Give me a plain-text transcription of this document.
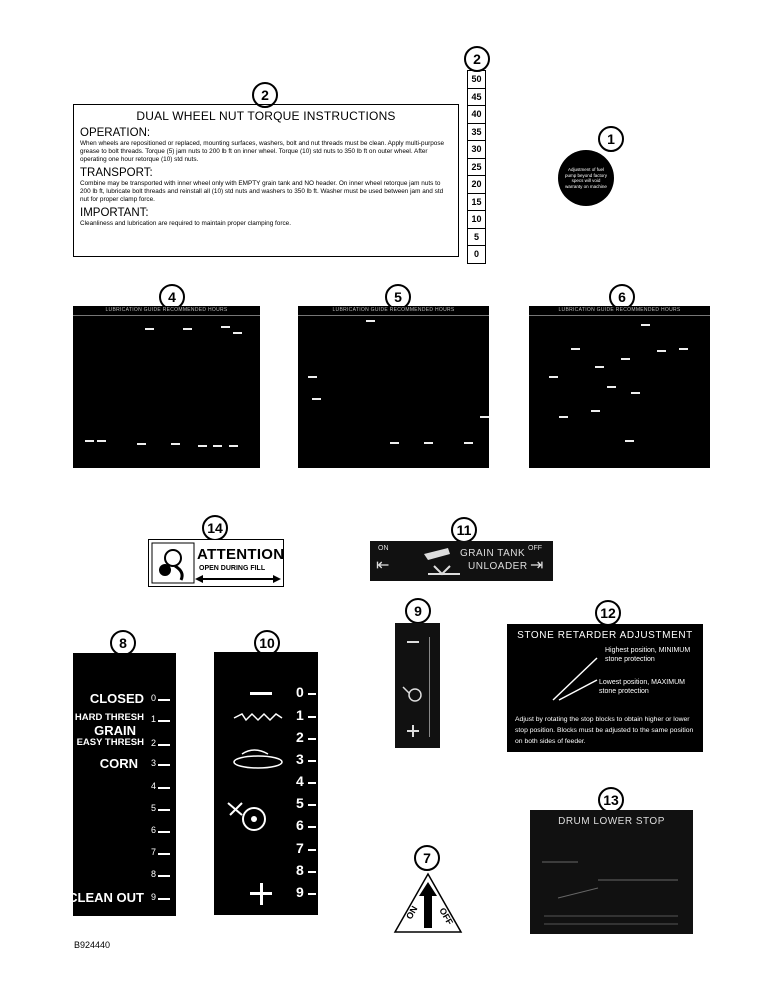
2
2
1
4	5	6
14	11
8	10
9	12
13
7
DUAL WHEEL NUT TORQUE INSTRUCTIONS
OPERATION:

When wheels are repositioned or replaced, mounting surfaces, washers, bolt and nut threads must be clean. Apply multi-purpose grease to bolt threads. Torque (5) jam nuts to 200 lb ft on inner wheel. Torque (10) std nuts to 350 lb ft on outer wheel. After operating one hour retorque (10) std nuts.

TRANSPORT:

Combine may be transported with inner wheel only with EMPTY grain tank and NO header. On inner wheel retorque jam nuts to 200 lb ft, lubricate bolt threads and reinstall all (10) std nuts and washers to 350 lb ft. Washer must be used between jam and std nut for proper clamp force.

IMPORTANT:

Cleanliness and lubrication are required to maintain proper clamping force.

50
45
40
35
30
25
20
15
10
5
0
Adjustment of fuel pump beyond factory specs will void warranty on machine
LUBRICATION GUIDE RECOMMENDED HOURS	LUBRICATION GUIDE RECOMMENDED HOURS	LUBRICATION GUIDE RECOMMENDED HOURS
ATTENTION
OPEN DURING FILL
ON
⇤
GRAIN TANK
UNLOADER
OFF
⇥
CLOSED
HARD THRESH
GRAIN
EASY THRESH
CORN
CLEAN OUT
0
1
2
3
4
5
6
7
8
9
0
1
2
3
4
5
6
7
8
9
STONE RETARDER ADJUSTMENT
Highest position, MINIMUM stone protection
Lowest position, MAXIMUM stone protection
Adjust by rotating the stop blocks to obtain higher or lower stop position. Blocks must be adjusted to the same position on both sides of feeder.
DRUM LOWER STOP
ON OFF
B924440
